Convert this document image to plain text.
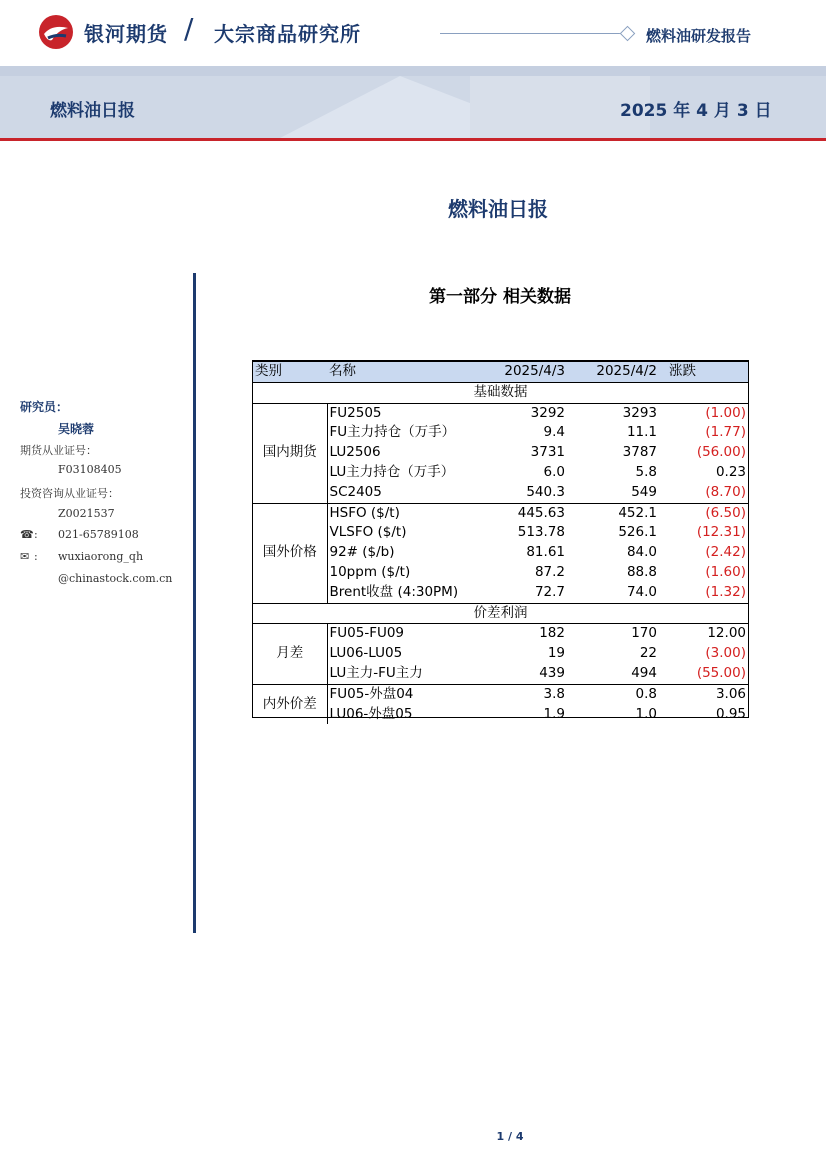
银河期货 / 大宗商品研究所	燃料油研发报告
燃料油日报	2025 年 4 月 3 日
燃料油日报
第一部分 相关数据
研究员：
吴晓蓉
期货从业证号：
F03108405
投资咨询从业证号：
Z0021537
☎ : 021-65789108
✉ : wuxiaorong_qh
@chinastock.com.cn
类别	名称	2025/4/3	2025/4/2	涨跌
基础数据				
国内期货	FU2505	3292	3293	(1.00)
	FU主力持仓（万手）	9.4	11.1	(1.77)
	LU2506	3731	3787	(56.00)
	LU主力持仓（万手）	6.0	5.8	0.23
	SC2405	540.3	549	(8.70)
国外价格	HSFO ($/t)	445.63	452.1	(6.50)
	VLSFO ($/t)	513.78	526.1	(12.31)
	92# ($/b)	81.61	84.0	(2.42)
	10ppm ($/t)	87.2	88.8	(1.60)
	Brent收盘 (4:30PM)	72.7	74.0	(1.32)
价差利润				
月差	FU05-FU09	182	170	12.00
	LU06-LU05	19	22	(3.00)
	LU主力-FU主力	439	494	(55.00)
内外价差	FU05-外盘04	3.8	0.8	3.06
	LU06-外盘05	1.9	1.0	0.95
1 / 4
